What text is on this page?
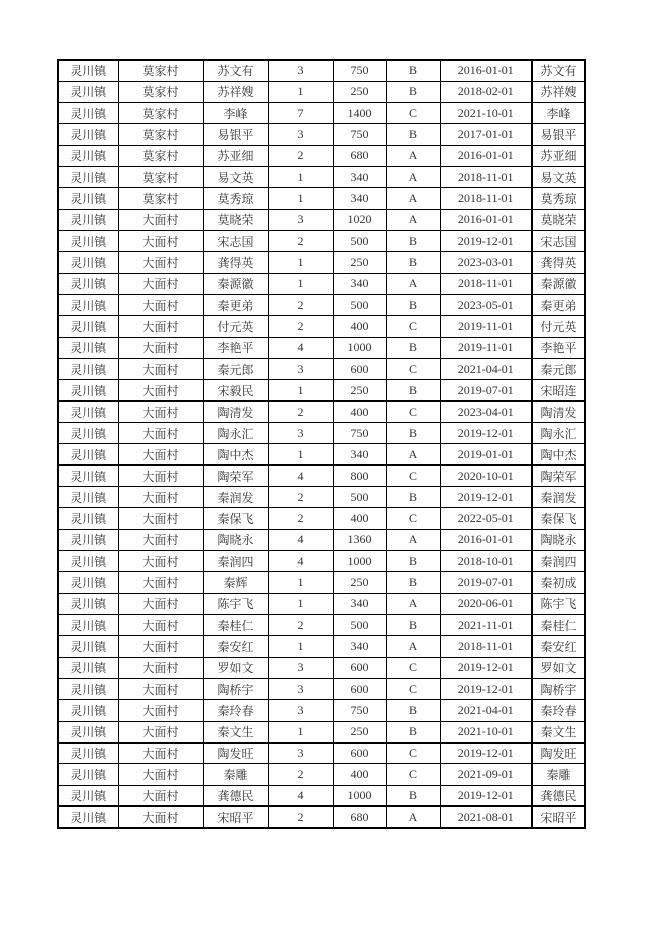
灵川镇	莫家村	苏文有	3	750	B	2016-01-01	苏文有
灵川镇	莫家村	苏祥嫂	1	250	B	2018-02-01	苏祥嫂
灵川镇	莫家村	李峰	7	1400	C	2021-10-01	李峰
灵川镇	莫家村	易银平	3	750	B	2017-01-01	易银平
灵川镇	莫家村	苏亚细	2	680	A	2016-01-01	苏亚细
灵川镇	莫家村	易文英	1	340	A	2018-11-01	易文英
灵川镇	莫家村	莫秀琼	1	340	A	2018-11-01	莫秀琼
灵川镇	大面村	莫晓荣	3	1020	A	2016-01-01	莫晓荣
灵川镇	大面村	宋志国	2	500	B	2019-12-01	宋志国
灵川镇	大面村	龚得英	1	250	B	2023-03-01	龚得英
灵川镇	大面村	秦源徽	1	340	A	2018-11-01	秦源徽
灵川镇	大面村	秦更弟	2	500	B	2023-05-01	秦更弟
灵川镇	大面村	付元英	2	400	C	2019-11-01	付元英
灵川镇	大面村	李艳平	4	1000	B	2019-11-01	李艳平
灵川镇	大面村	秦元郎	3	600	C	2021-04-01	秦元郎
灵川镇	大面村	宋毅民	1	250	B	2019-07-01	宋昭连
灵川镇	大面村	陶清发	2	400	C	2023-04-01	陶清发
灵川镇	大面村	陶永汇	3	750	B	2019-12-01	陶永汇
灵川镇	大面村	陶中杰	1	340	A	2019-01-01	陶中杰
灵川镇	大面村	陶荣军	4	800	C	2020-10-01	陶荣军
灵川镇	大面村	秦润发	2	500	B	2019-12-01	秦润发
灵川镇	大面村	秦保飞	2	400	C	2022-05-01	秦保飞
灵川镇	大面村	陶晓永	4	1360	A	2016-01-01	陶晓永
灵川镇	大面村	秦润四	4	1000	B	2018-10-01	秦润四
灵川镇	大面村	秦辉	1	250	B	2019-07-01	秦初成
灵川镇	大面村	陈宇飞	1	340	A	2020-06-01	陈宇飞
灵川镇	大面村	秦桂仁	2	500	B	2021-11-01	秦桂仁
灵川镇	大面村	秦安红	1	340	A	2018-11-01	秦安红
灵川镇	大面村	罗如文	3	600	C	2019-12-01	罗如文
灵川镇	大面村	陶桥宇	3	600	C	2019-12-01	陶桥宇
灵川镇	大面村	秦玲春	3	750	B	2021-04-01	秦玲春
灵川镇	大面村	秦文生	1	250	B	2021-10-01	秦文生
灵川镇	大面村	陶发旺	3	600	C	2019-12-01	陶发旺
灵川镇	大面村	秦雕	2	400	C	2021-09-01	秦雕
灵川镇	大面村	龚德民	4	1000	B	2019-12-01	龚德民
灵川镇	大面村	宋昭平	2	680	A	2021-08-01	宋昭平
